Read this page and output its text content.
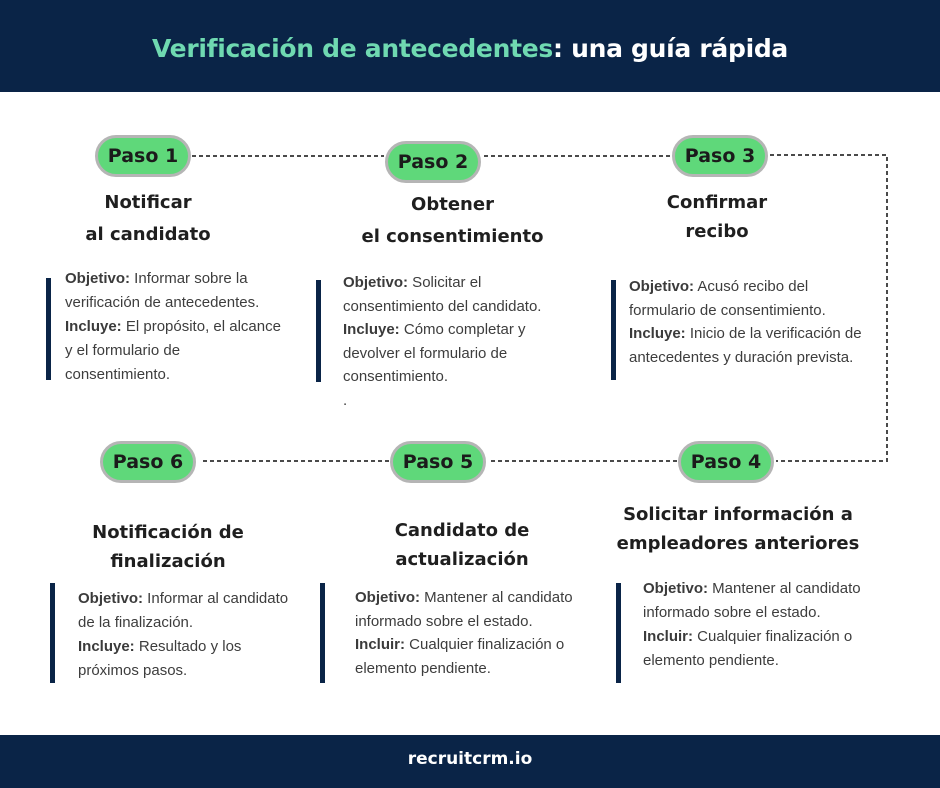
Verificación de antecedentes: una guía rápida
Paso 1
Notificar
al candidato
Objetivo: Informar sobre la verificación de antecedentes.
Incluye: El propósito, el alcance y el formulario de consentimiento.
Paso 2
Obtener
el consentimiento
Objetivo: Solicitar el consentimiento del candidato.
Incluye: Cómo completar y devolver el formulario de consentimiento.
.
Paso 3
Confirmar
recibo
Objetivo: Acusó recibo del formulario de consentimiento.
Incluye: Inicio de la verificación de antecedentes y duración prevista.
Paso 6
Notificación de
finalización
Objetivo: Informar al candidato de la finalización.
Incluye: Resultado y los próximos pasos.
Paso 5
Candidato de
actualización
Objetivo: Mantener al candidato informado sobre el estado.
Incluir: Cualquier finalización o elemento pendiente.
Paso 4
Solicitar información a
empleadores anteriores
Objetivo: Mantener al candidato informado sobre el estado.
Incluir: Cualquier finalización o elemento pendiente.
recruitcrm.io
